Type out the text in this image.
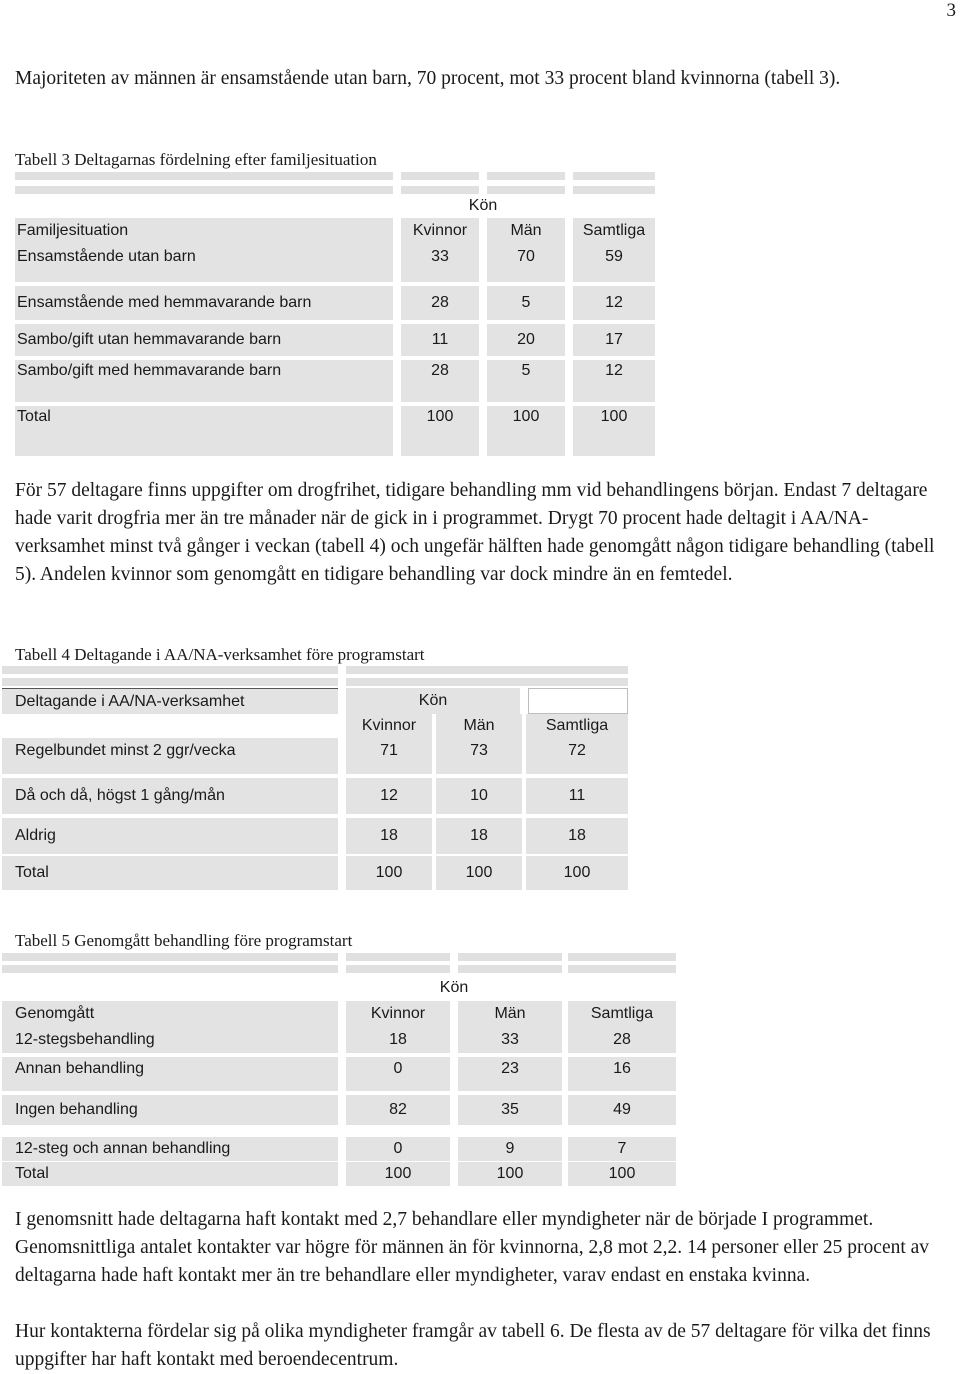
3

Majoriteten av männen är ensamstående utan barn, 70 procent, mot 33 procent bland kvinnorna (tabell 3).

Tabell 3 Deltagarnas fördelning efter familjesituation

Kön
Familjesituation	Kvinnor	Män	Samtliga
Ensamstående utan barn	33	70	59
Ensamstående med hemmavarande barn	28	5	12
Sambo/gift utan hemmavarande barn	11	20	17
Sambo/gift med hemmavarande barn	28	5	12
Total	100	100	100

För 57 deltagare finns uppgifter om drogfrihet, tidigare behandling mm vid behandlingens början. Endast 7 deltagare hade varit drogfria mer än tre månader när de gick in i programmet. Drygt 70 procent hade deltagit i AA/NA-verksamhet minst två gånger i veckan (tabell 4) och ungefär hälften hade genomgått någon tidigare behandling (tabell 5). Andelen kvinnor som genomgått en tidigare behandling var dock mindre än en femtedel.

Tabell 4 Deltagande i AA/NA-verksamhet före programstart

Deltagande i AA/NA-verksamhet	Kön
Kvinnor	Män	Samtliga
Regelbundet minst 2 ggr/vecka	71	73	72
Då och då, högst 1 gång/mån	12	10	11
Aldrig	18	18	18
Total	100	100	100

Tabell 5 Genomgått behandling före programstart

Kön
Genomgått	Kvinnor	Män	Samtliga
12-stegsbehandling	18	33	28
Annan behandling	0	23	16
Ingen behandling	82	35	49
12-steg och annan behandling	0	9	7
Total	100	100	100

I genomsnitt hade deltagarna haft kontakt med 2,7 behandlare eller myndigheter när de började I programmet. Genomsnittliga antalet kontakter var högre för männen än för kvinnorna, 2,8 mot 2,2. 14 personer eller 25 procent av deltagarna hade haft kontakt mer än tre behandlare eller myndigheter, varav endast en enstaka kvinna.

Hur kontakterna fördelar sig på olika myndigheter framgår av tabell 6. De flesta av de 57 deltagare för vilka det finns uppgifter har haft kontakt med beroendecentrum.
